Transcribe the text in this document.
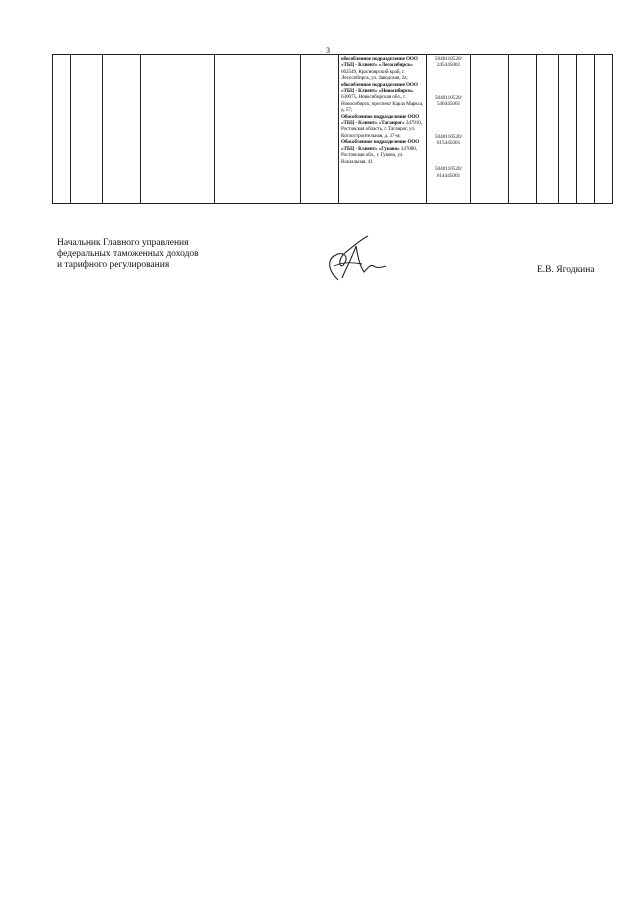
3

обособленное подразделение ООО «ТБЦ - Клиент» «Лесосибирск» 662549, Красноярский край, г. Лесосибирск, ул. Заводская, 2а;
обособленное подразделение ООО «ТБЦ - Клиент» «Новосибирск» 630075, Новосибирская обл., г. Новосибирск, проспект Карла Маркса, д. 57;
Обособленное подразделение ООО «ТБЦ - Клиент» «Таганрог» 347910, Ростовская область, г. Таганрог, ул. Котлостроительная, д. 37-м;
Обособленное подразделение ООО «ТБЦ - Клиент» «Гуково» 347880, Ростовская обл., г. Гуково, ул. Вокзальная, 41

5040110520/ 245445001
5040110520/ 540445001
5040110520/ 615445001
5040110520/ 614445001

Начальник Главного управления
федеральных таможенных доходов
и тарифного регулирования	Е.В. Ягодкина
